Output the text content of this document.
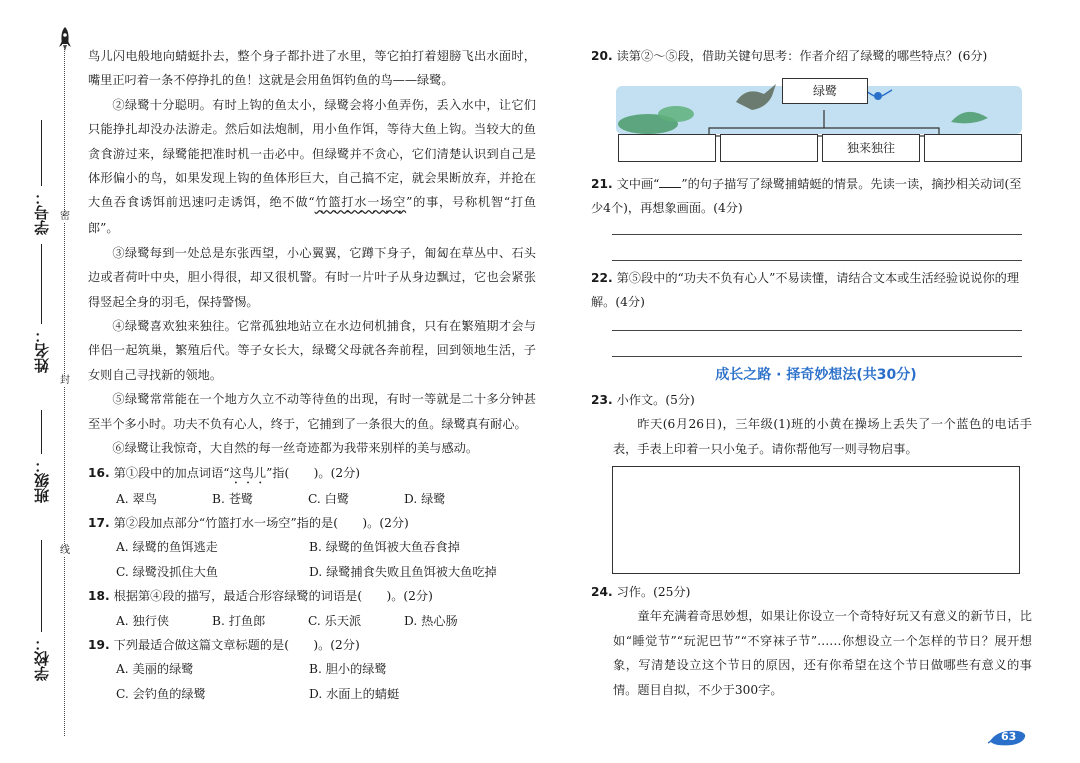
密
封
线
学号：
姓名：
班级：
学校：

鸟儿闪电般地向蜻蜓扑去，整个身子都扑进了水里，等它拍打着翅膀飞出水面时，嘴里正叼着一条不停挣扎的鱼！这就是会用鱼饵钓鱼的鸟——绿鹭。

②绿鹭十分聪明。有时上钩的鱼太小，绿鹭会将小鱼弄伤，丢入水中，让它们只能挣扎却没办法游走。然后如法炮制，用小鱼作饵，等待大鱼上钩。当较大的鱼贪食游过来，绿鹭能把准时机一击必中。但绿鹭并不贪心，它们清楚认识到自己是体形偏小的鸟，如果发现上钩的鱼体形巨大，自己搞不定，就会果断放弃，并抢在大鱼吞食诱饵前迅速叼走诱饵，绝不做“竹篮打水一场空”的事，号称机智“打鱼郎”。

③绿鹭每到一处总是东张西望，小心翼翼，它蹲下身子，匍匐在草丛中、石头边或者荷叶中央，胆小得很，却又很机警。有时一片叶子从身边飘过，它也会紧张得竖起全身的羽毛，保持警惕。

④绿鹭喜欢独来独往。它常孤独地站立在水边伺机捕食，只有在繁殖期才会与伴侣一起筑巢，繁殖后代。等子女长大，绿鹭父母就各奔前程，回到领地生活，子女则自己寻找新的领地。

⑤绿鹭常常能在一个地方久立不动等待鱼的出现，有时一等就是二十多分钟甚至半个多小时。功夫不负有心人，终于，它捕到了一条很大的鱼。绿鹭真有耐心。

⑥绿鹭让我惊奇，大自然的每一丝奇迹都为我带来别样的美与感动。

16. 第①段中的加点词语“这鸟儿”指(　　)。(2分)

A. 翠鸟	B. 苍鹭	C. 白鹭	D. 绿鹭

17. 第②段加点部分“竹篮打水一场空”指的是(　　)。(2分)

A. 绿鹭的鱼饵逃走	B. 绿鹭的鱼饵被大鱼吞食掉
C. 绿鹭没抓住大鱼	D. 绿鹭捕食失败且鱼饵被大鱼吃掉

18. 根据第④段的描写，最适合形容绿鹭的词语是(　　)。(2分)

A. 独行侠	B. 打鱼郎	C. 乐天派	D. 热心肠

19. 下列最适合做这篇文章标题的是(　　)。(2分)

A. 美丽的绿鹭	B. 胆小的绿鹭
C. 会钓鱼的绿鹭	D. 水面上的蜻蜓

20. 读第②～⑤段，借助关键句思考：作者介绍了绿鹭的哪些特点？(6分)

绿鹭
独来独往

21. 文中画“ ”的句子描写了绿鹭捕蜻蜓的情景。先读一读，摘抄相关动词(至少4个)，再想象画面。(4分)

22. 第⑤段中的“功夫不负有心人”不易读懂，请结合文本或生活经验说说你的理解。(4分)

成长之路 · 择奇妙想法(共30分)

23. 小作文。(5分)

昨天(6月26日)，三年级(1)班的小黄在操场上丢失了一个蓝色的电话手表，手表上印着一只小兔子。请你帮他写一则寻物启事。

24. 习作。(25分)

童年充满着奇思妙想，如果让你设立一个奇特好玩又有意义的新节日，比如“睡觉节”“玩泥巴节”“不穿袜子节”……你想设立一个怎样的节日？展开想象，写清楚设立这个节日的原因，还有你希望在这个节日做哪些有意义的事情。题目自拟，不少于300字。

63
